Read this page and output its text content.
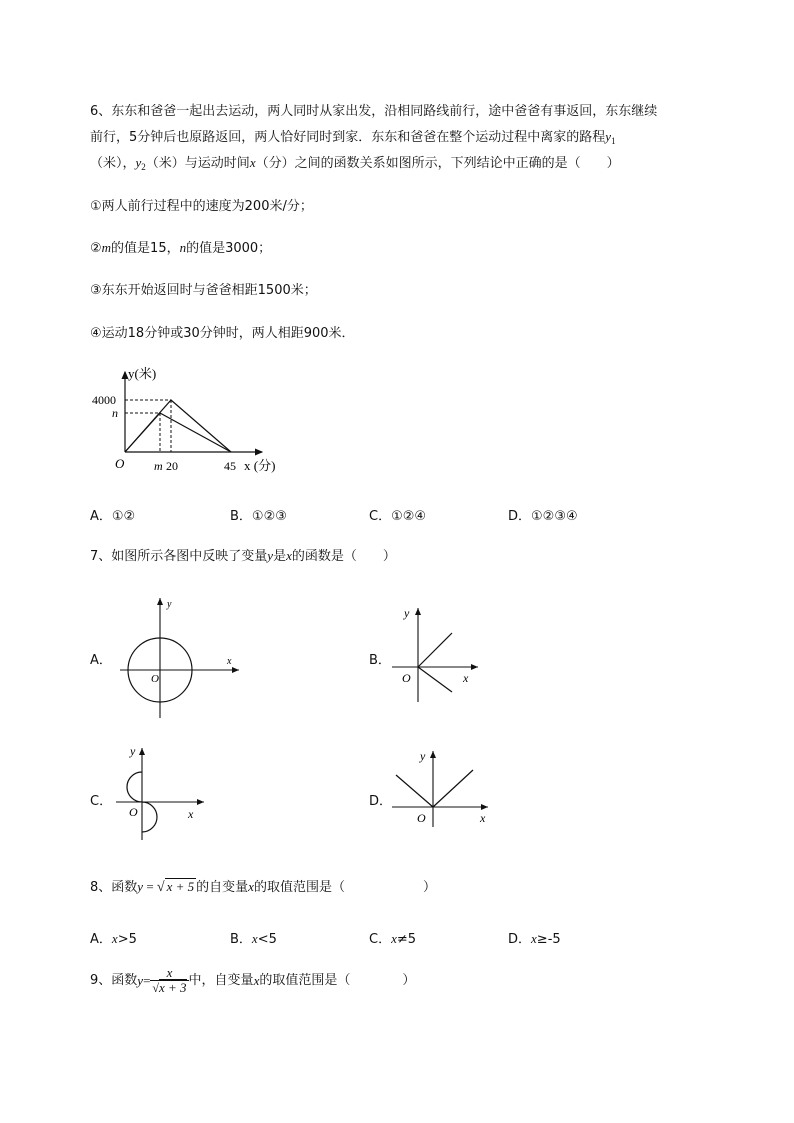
6、东东和爸爸一起出去运动，两人同时从家出发，沿相同路线前行，途中爸爸有事返回，东东继续
前行，5分钟后也原路返回，两人恰好同时到家．东东和爸爸在整个运动过程中离家的路程$y_1$
（米），$y_2$（米）与运动时间x（分）之间的函数关系如图所示，下列结论中正确的是（　　）
①两人前行过程中的速度为200米/分；
②m的值是15，n的值是3000；
③东东开始返回时与爸爸相距1500米；
④运动18分钟或30分钟时，两人相距900米．
y(米)
4000
n
O m 20	45 x (分)
A．①②	B．①②③	C．①②④	D．①②③④
7、如图所示各图中反映了变量y是x的函数是（　　）
A．
y
x
O
B．
y
x
O
C．
y
x
O
D．
y
x
O
8、函数y = √ x + 5 的自变量x的取值范围是（　　　　　　）
A．x>5	B．x<5	C．x≠5	D．x≥-5
9、函数$y= \frac{x}{√x + 3}$ 中，自变量x的取值范围是（　　　　）
